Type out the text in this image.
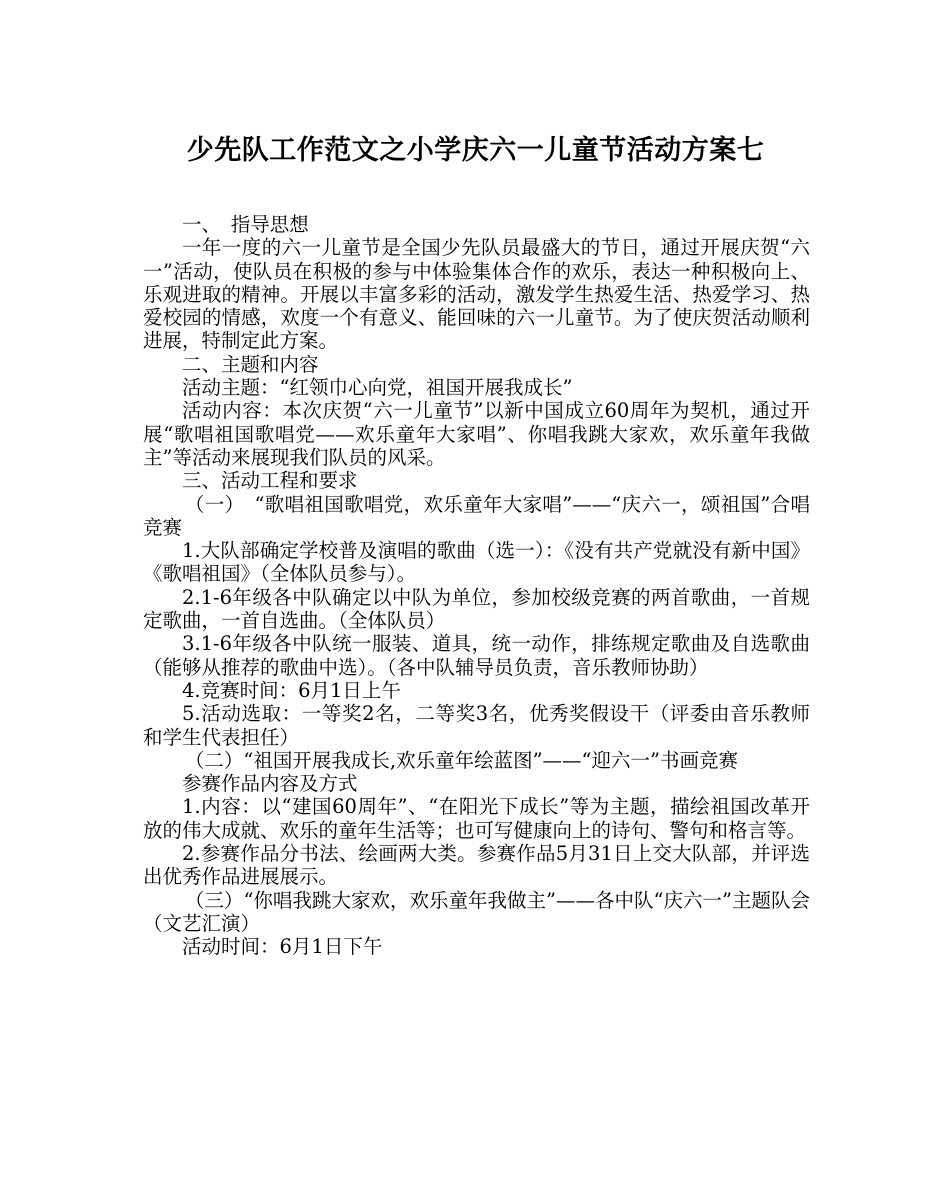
少先队工作范文之小学庆六一儿童节活动方案七

一、　指导思想

一年一度的六一儿童节是全国少先队员最盛大的节日，通过开展庆贺“六一”活动，使队员在积极的参与中体验集体合作的欢乐，表达一种积极向上、乐观进取的精神。开展以丰富多彩的活动，激发学生热爱生活、热爱学习、热爱校园的情感，欢度一个有意义、能回味的六一儿童节。为了使庆贺活动顺利进展，特制定此方案。

二、主题和内容

活动主题：“红领巾心向党，祖国开展我成长”

活动内容：本次庆贺“六一儿童节”以新中国成立60周年为契机，通过开展“歌唱祖国歌唱党——欢乐童年大家唱”、你唱我跳大家欢，欢乐童年我做主”等活动来展现我们队员的风采。

三、活动工程和要求

（一）　“歌唱祖国歌唱党，欢乐童年大家唱”——“庆六一，颂祖国”合唱竞赛

1.大队部确定学校普及演唱的歌曲（选一）：《没有共产党就没有新中国》《歌唱祖国》（全体队员参与）。

2.1-6年级各中队确定以中队为单位，参加校级竞赛的两首歌曲，一首规定歌曲，一首自选曲。（全体队员）

3.1-6年级各中队统一服装、道具，统一动作，排练规定歌曲及自选歌曲（能够从推荐的歌曲中选）。（各中队辅导员负责，音乐教师协助）

4.竞赛时间：6月1日上午

5.活动选取：一等奖2名，二等奖3名，优秀奖假设干（评委由音乐教师和学生代表担任）

（二）“祖国开展我成长,欢乐童年绘蓝图”——“迎六一”书画竞赛

参赛作品内容及方式

1.内容：以“建国60周年”、“在阳光下成长”等为主题，描绘祖国改革开放的伟大成就、欢乐的童年生活等；也可写健康向上的诗句、警句和格言等。

2.参赛作品分书法、绘画两大类。参赛作品5月31日上交大队部，并评选出优秀作品进展展示。

（三）“你唱我跳大家欢，欢乐童年我做主”——各中队“庆六一”主题队会（文艺汇演）

活动时间：6月1日下午
